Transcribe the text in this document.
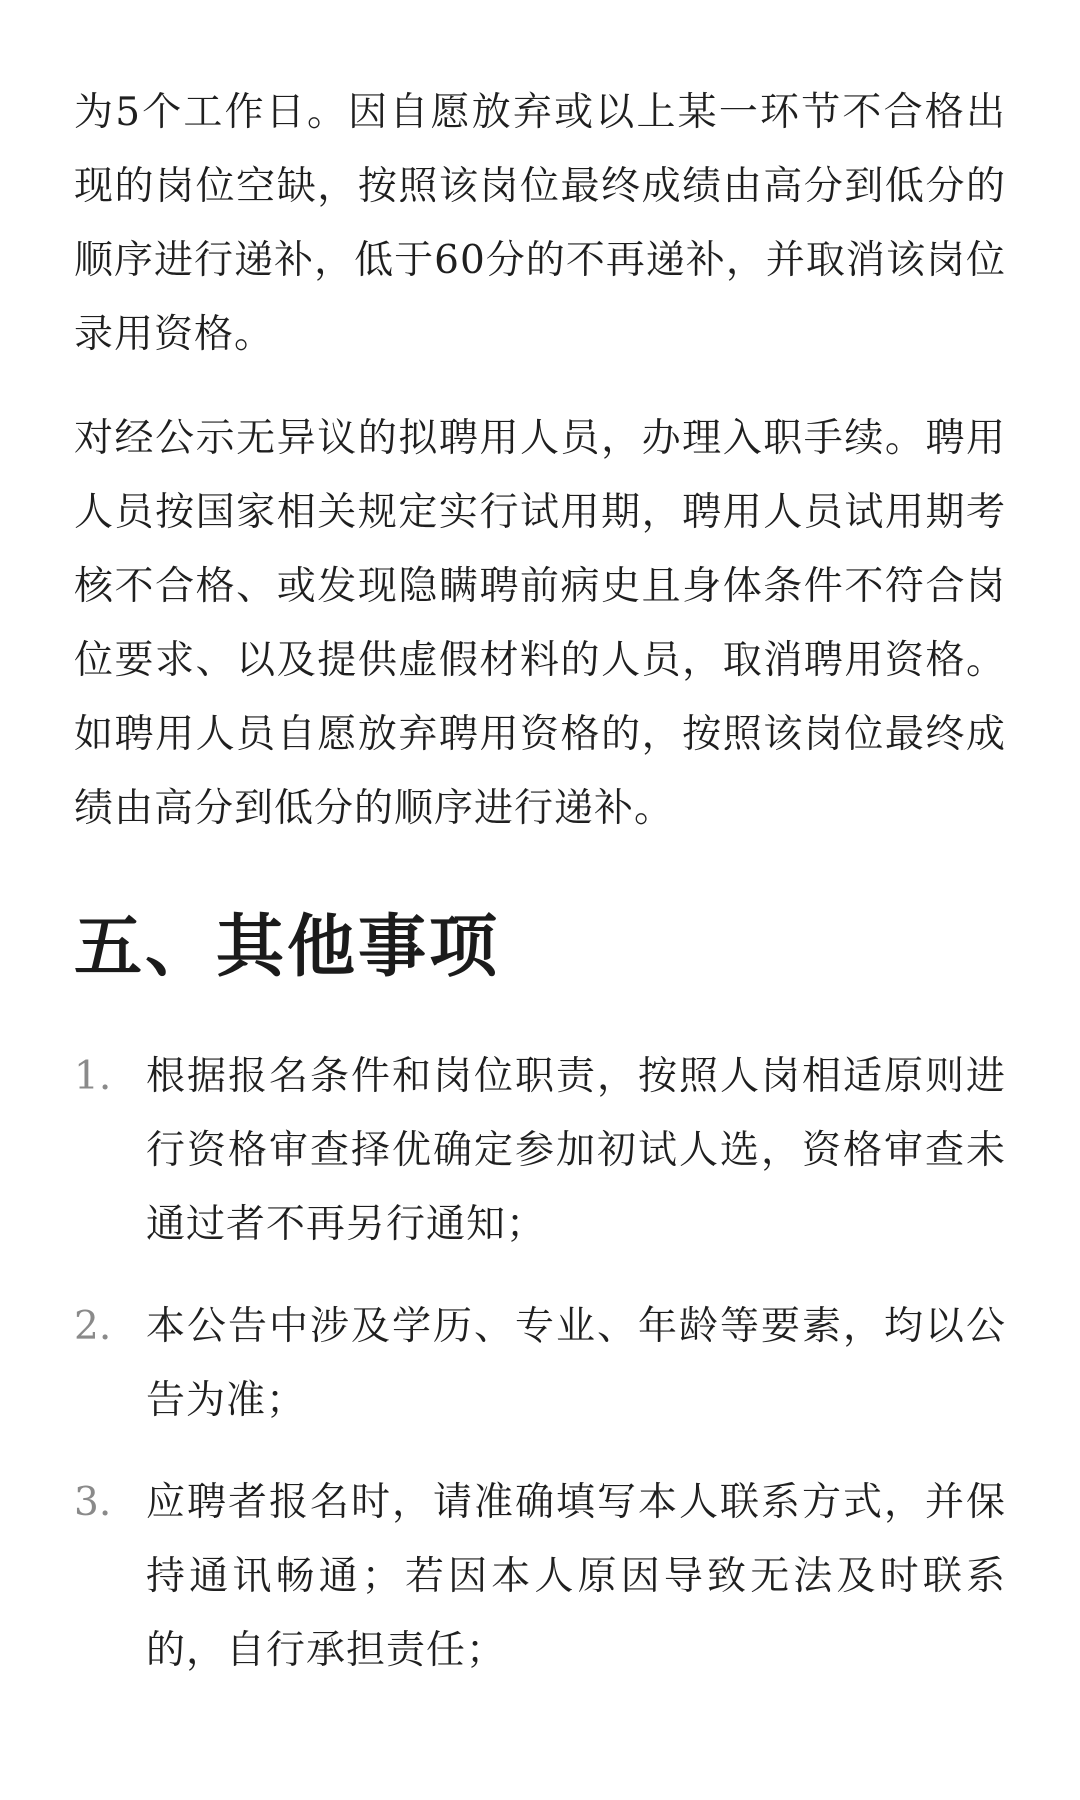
为5个工作日。因自愿放弃或以上某一环节不合格出现的岗位空缺，按照该岗位最终成绩由高分到低分的顺序进行递补，低于60分的不再递补，并取消该岗位录用资格。

对经公示无异议的拟聘用人员，办理入职手续。聘用人员按国家相关规定实行试用期，聘用人员试用期考核不合格、或发现隐瞒聘前病史且身体条件不符合岗位要求、以及提供虚假材料的人员，取消聘用资格。如聘用人员自愿放弃聘用资格的，按照该岗位最终成绩由高分到低分的顺序进行递补。

五、其他事项
1. 根据报名条件和岗位职责，按照人岗相适原则进行资格审查择优确定参加初试人选，资格审查未通过者不再另行通知；

2. 本公告中涉及学历、专业、年龄等要素，均以公告为准；

3. 应聘者报名时，请准确填写本人联系方式，并保持通讯畅通；若因本人原因导致无法及时联系的，自行承担责任；
